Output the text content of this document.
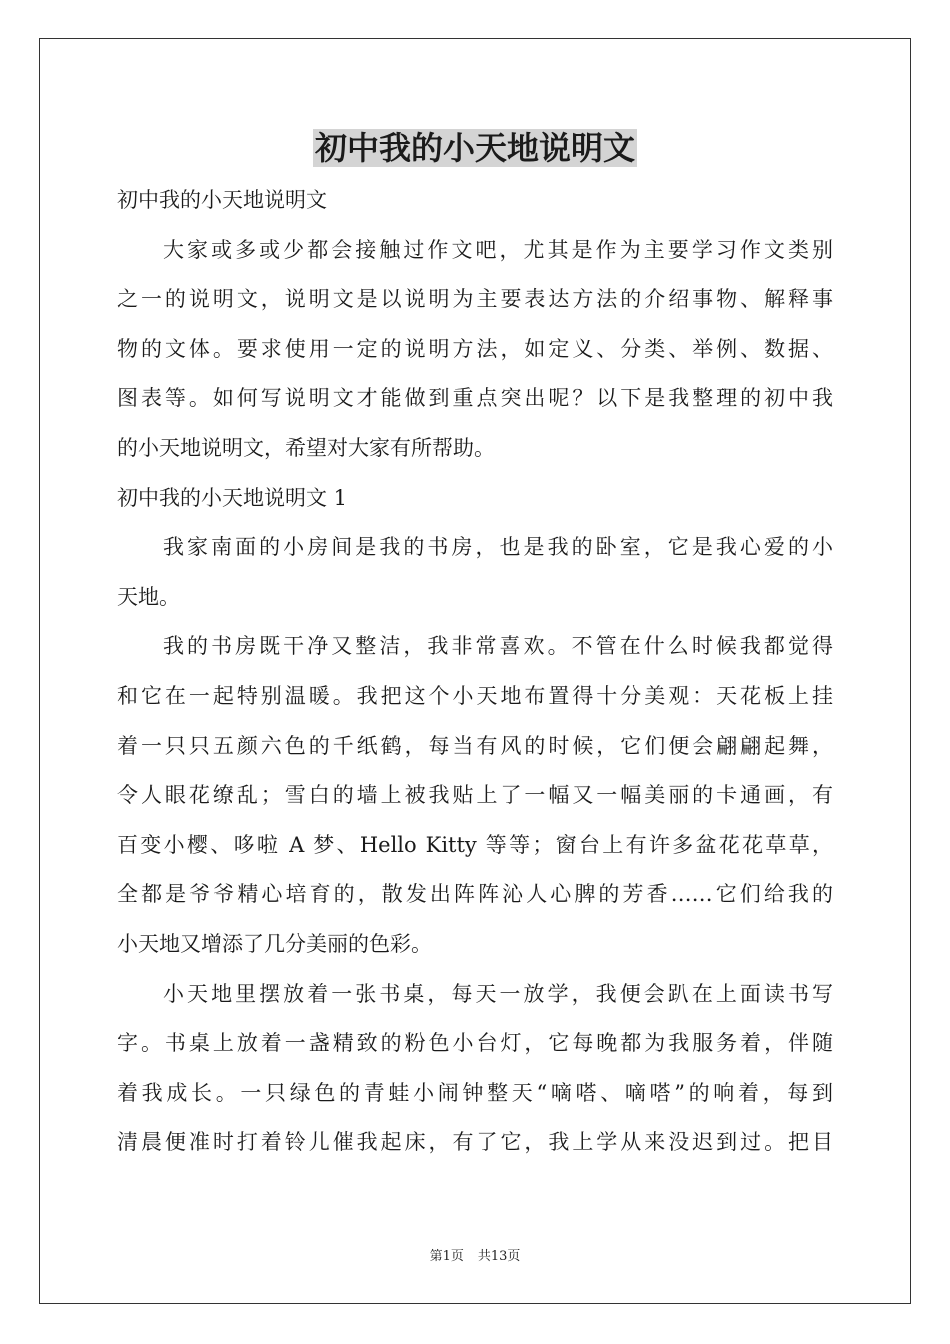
初中我的小天地说明文
初中我的小天地说明文
大家或多或少都会接触过作文吧，尤其是作为主要学习作文类别
之一的说明文，说明文是以说明为主要表达方法的介绍事物、解释事
物的文体。要求使用一定的说明方法，如定义、分类、举例、数据、
图表等。如何写说明文才能做到重点突出呢？以下是我整理的初中我
的小天地说明文，希望对大家有所帮助。
初中我的小天地说明文 1
我家南面的小房间是我的书房，也是我的卧室，它是我心爱的小
天地。
我的书房既干净又整洁，我非常喜欢。不管在什么时候我都觉得
和它在一起特别温暖。我把这个小天地布置得十分美观：天花板上挂
着一只只五颜六色的千纸鹤，每当有风的时候，它们便会翩翩起舞，
令人眼花缭乱；雪白的墙上被我贴上了一幅又一幅美丽的卡通画，有
百变小樱、哆啦 A 梦、Hello Kitty 等等；窗台上有许多盆花花草草，
全都是爷爷精心培育的，散发出阵阵沁人心脾的芳香……它们给我的
小天地又增添了几分美丽的色彩。
小天地里摆放着一张书桌，每天一放学，我便会趴在上面读书写
字。书桌上放着一盏精致的粉色小台灯，它每晚都为我服务着，伴随
着我成长。一只绿色的青蛙小闹钟整天“嘀嗒、嘀嗒”的响着，每到
清晨便准时打着铃儿催我起床，有了它，我上学从来没迟到过。把目
第1页 共13页
